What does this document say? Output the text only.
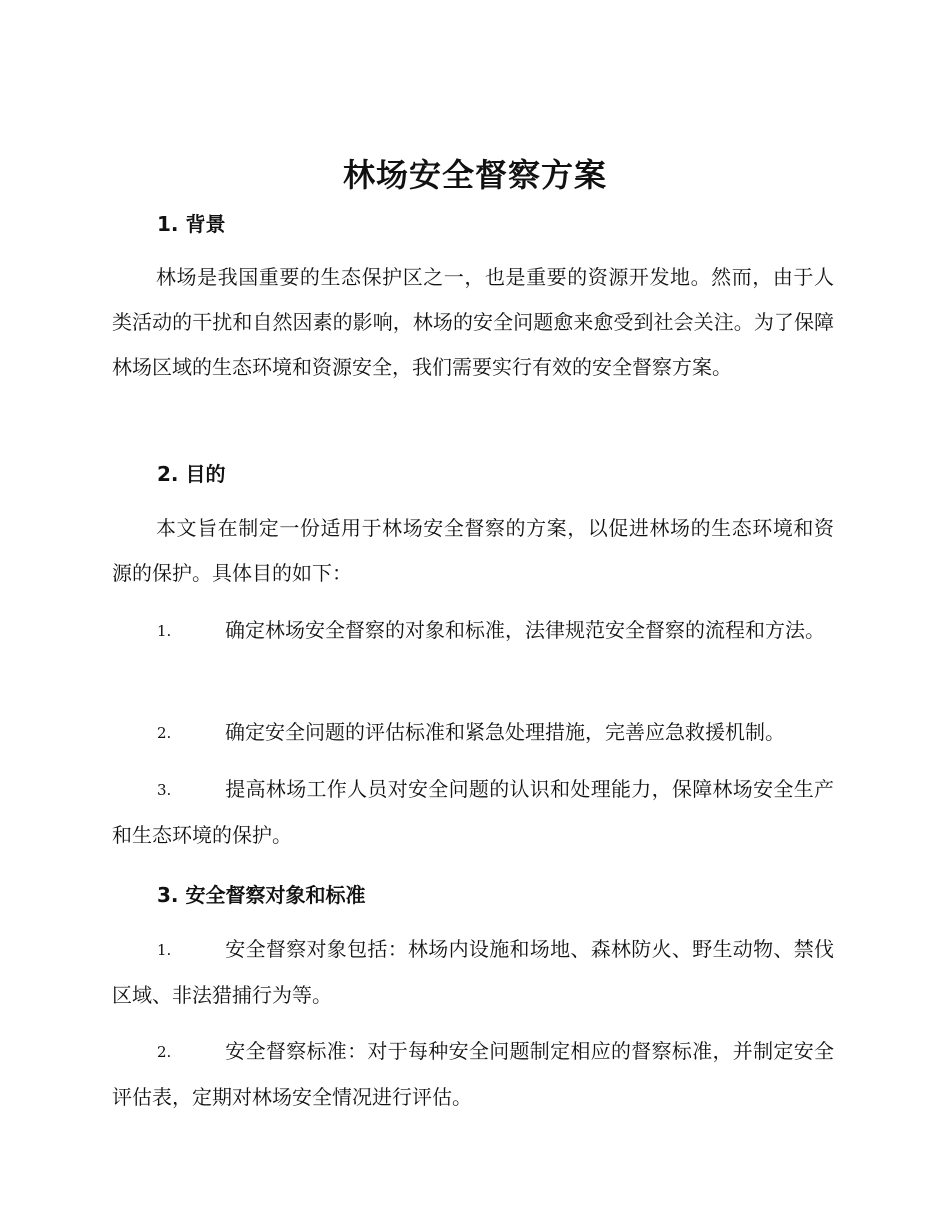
林场安全督察方案
1. 背景
林场是我国重要的生态保护区之一，也是重要的资源开发地。然而，由于人类活动的干扰和自然因素的影响，林场的安全问题愈来愈受到社会关注。为了保障林场区域的生态环境和资源安全，我们需要实行有效的安全督察方案。
2. 目的
本文旨在制定一份适用于林场安全督察的方案，以促进林场的生态环境和资源的保护。具体目的如下：
1.	确定林场安全督察的对象和标准，法律规范安全督察的流程和方法。
2.	确定安全问题的评估标准和紧急处理措施，完善应急救援机制。
3.	提高林场工作人员对安全问题的认识和处理能力，保障林场安全生产和生态环境的保护。
3. 安全督察对象和标准
1.	安全督察对象包括：林场内设施和场地、森林防火、野生动物、禁伐区域、非法猎捕行为等。
2.	安全督察标准：对于每种安全问题制定相应的督察标准，并制定安全评估表，定期对林场安全情况进行评估。
